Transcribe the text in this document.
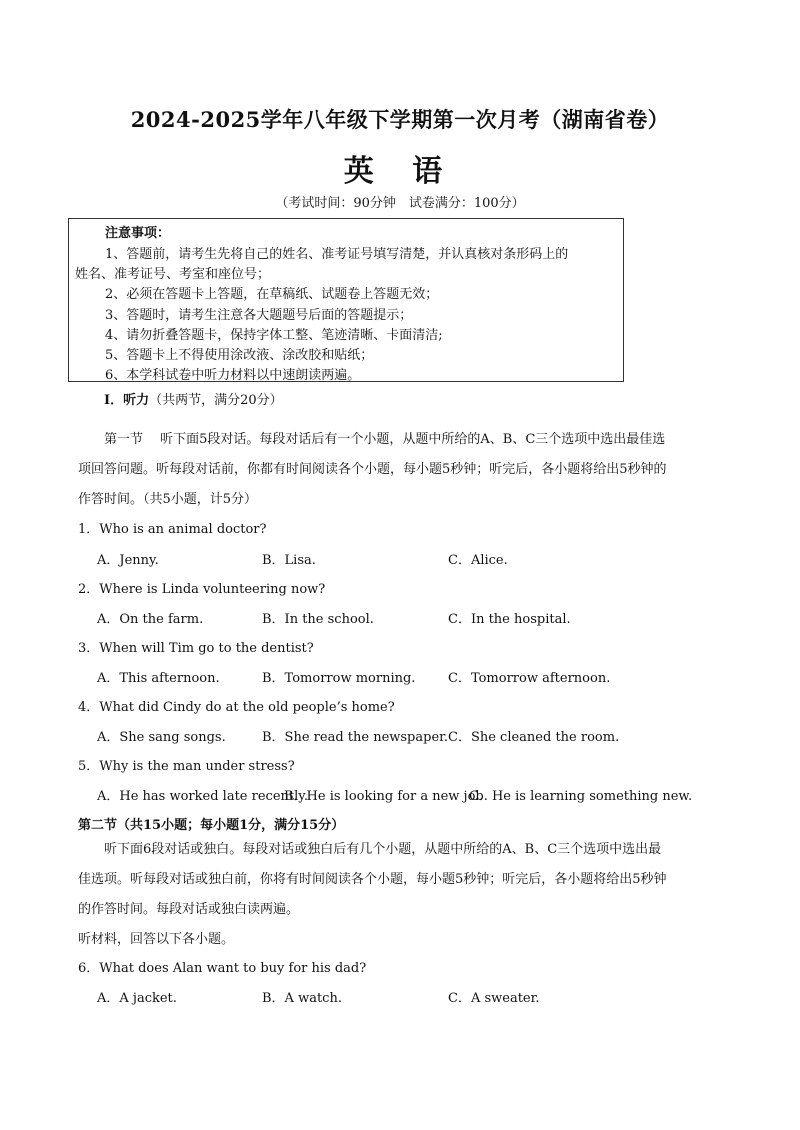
2024-2025学年八年级下学期第一次月考（湖南省卷）
英 语
（考试时间：90分钟　试卷满分：100分）
注意事项：
1、答题前，请考生先将自己的姓名、准考证号填写清楚，并认真核对条形码上的
姓名、准考证号、考室和座位号；
2、必须在答题卡上答题，在草稿纸、试题卷上答题无效；
3、答题时，请考生注意各大题题号后面的答题提示；
4、请勿折叠答题卡，保持字体工整、笔迹清晰、卡面清洁;
5、答题卡上不得使用涂改液、涂改胶和贴纸；
6、本学科试卷中听力材料以中速朗读两遍。
I．听力（共两节，满分20分）
第一节　 听下面5段对话。每段对话后有一个小题，从题中所给的A、B、C三个选项中选出最佳选
项回答问题。听每段对话前，你都有时间阅读各个小题，每小题5秒钟；听完后，各小题将给出5秒钟的
作答时间。（共5小题，计5分）
1．Who is an animal doctor?
A．Jenny.	B．Lisa.	C．Alice.
2．Where is Linda volunteering now?
A．On the farm.	B．In the school.	C．In the hospital.
3．When will Tim go to the dentist?
A．This afternoon.	B．Tomorrow morning.	C．Tomorrow afternoon.
4．What did Cindy do at the old people’s home?
A．She sang songs.	B．She read the newspaper. C．She cleaned the room.
5．Why is the man under stress?
A．He has worked late recently.
B．He is looking for a new job.
C．He is learning something new.
第二节（共15小题；每小题1分，满分15分）
听下面6段对话或独白。每段对话或独白后有几个小题，从题中所给的A、B、C三个选项中选出最
佳选项。听每段对话或独白前，你将有时间阅读各个小题，每小题5秒钟；听完后，各小题将给出5秒钟
的作答时间。每段对话或独白读两遍。
听材料，回答以下各小题。
6．What does Alan want to buy for his dad?
A．A jacket.	B．A watch.	C．A sweater.
